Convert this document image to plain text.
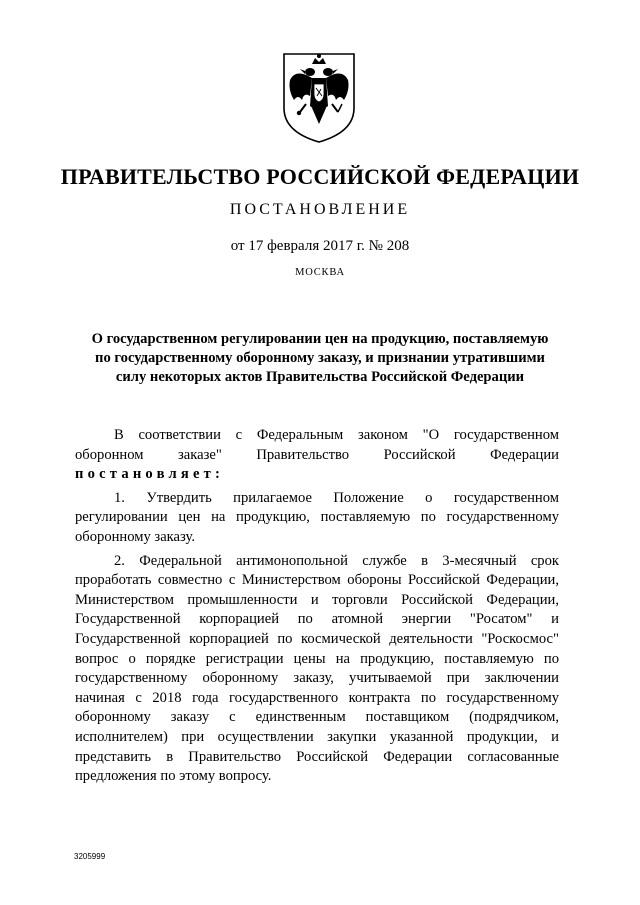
ПРАВИТЕЛЬСТВО РОССИЙСКОЙ ФЕДЕРАЦИИ
ПОСТАНОВЛЕНИЕ
от 17 февраля 2017 г. № 208
МОСКВА
О государственном регулировании цен на продукцию, поставляемую
по государственному оборонному заказу, и признании утратившими
силу некоторых актов Правительства Российской Федерации
В соответствии с Федеральным законом "О государственном
оборонном заказе" Правительство Российской Федерации
постановляет:
1. Утвердить прилагаемое Положение о государственном
регулировании цен на продукцию, поставляемую по государственному
оборонному заказу.
2. Федеральной антимонопольной службе в 3-месячный срок
проработать совместно с Министерством обороны Российской Федерации,
Министерством промышленности и торговли Российской Федерации,
Государственной корпорацией по атомной энергии "Росатом" и
Государственной корпорацией по космической деятельности "Роскосмос"
вопрос о порядке регистрации цены на продукцию, поставляемую по
государственному оборонному заказу, учитываемой при заключении
начиная с 2018 года государственного контракта по государственному
оборонному заказу с единственным поставщиком (подрядчиком,
исполнителем) при осуществлении закупки указанной продукции, и
представить в Правительство Российской Федерации согласованные
предложения по этому вопросу.
3205999
